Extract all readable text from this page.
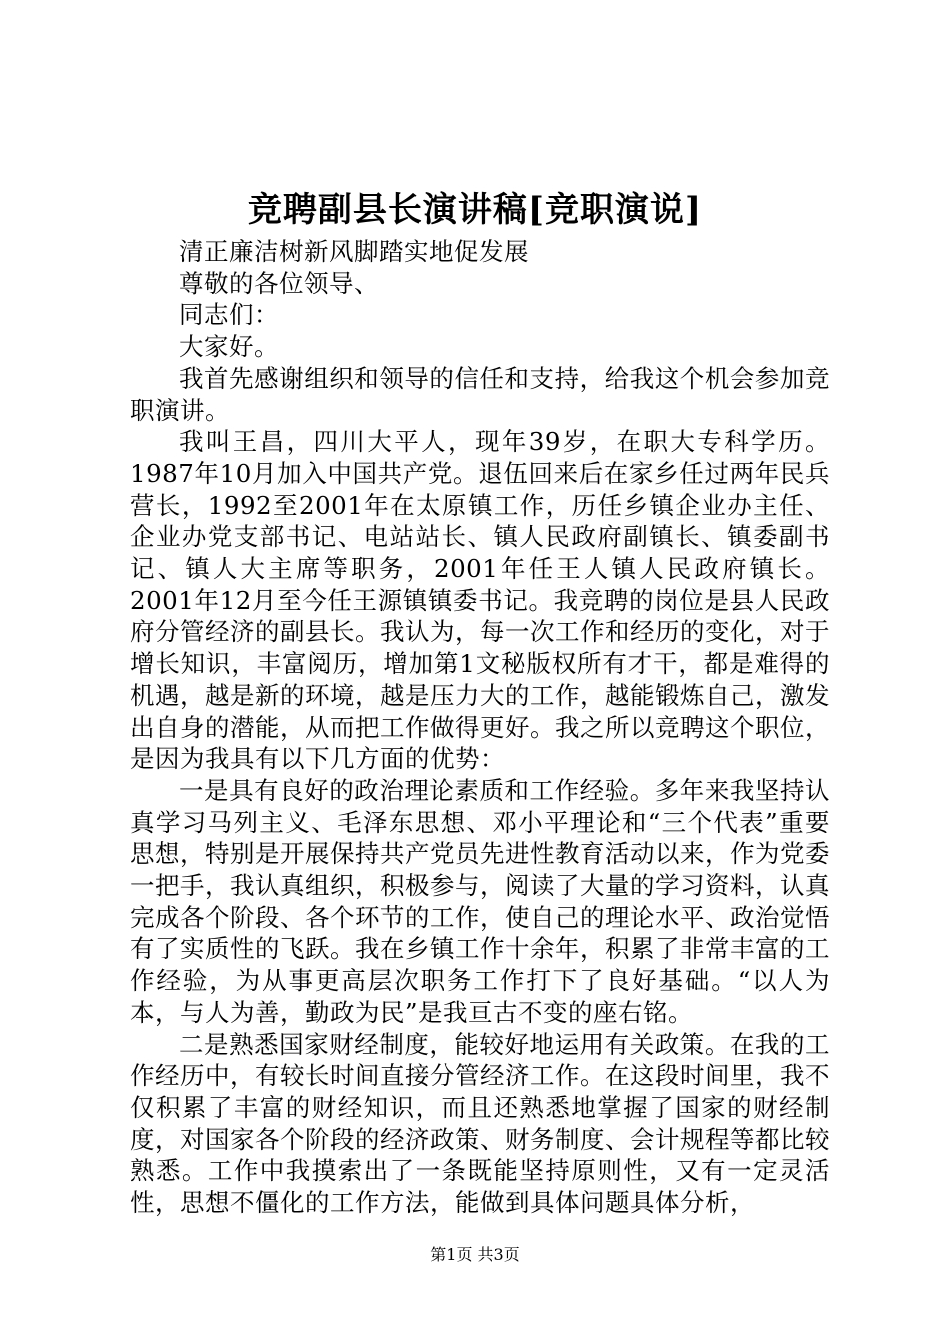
竞聘副县长演讲稿[竞职演说]

清正廉洁树新风脚踏实地促发展

尊敬的各位领导、

同志们：

大家好。

我首先感谢组织和领导的信任和支持，给我这个机会参加竞职演讲。

我叫王昌，四川大平人，现年39岁，在职大专科学历。1987年10月加入中国共产党。退伍回来后在家乡任过两年民兵营长，1992至2001年在太原镇工作，历任乡镇企业办主任、企业办党支部书记、电站站长、镇人民政府副镇长、镇委副书记、镇人大主席等职务，2001年任王人镇人民政府镇长。2001年12月至今任王源镇镇委书记。我竞聘的岗位是县人民政府分管经济的副县长。我认为，每一次工作和经历的变化，对于增长知识，丰富阅历，增加第1文秘版权所有才干，都是难得的机遇，越是新的环境，越是压力大的工作，越能锻炼自己，激发出自身的潜能，从而把工作做得更好。我之所以竞聘这个职位，是因为我具有以下几方面的优势：

一是具有良好的政治理论素质和工作经验。多年来我坚持认真学习马列主义、毛泽东思想、邓小平理论和“三个代表”重要思想，特别是开展保持共产党员先进性教育活动以来，作为党委一把手，我认真组织，积极参与，阅读了大量的学习资料，认真完成各个阶段、各个环节的工作，使自己的理论水平、政治觉悟有了实质性的飞跃。我在乡镇工作十余年，积累了非常丰富的工作经验，为从事更高层次职务工作打下了良好基础。“以人为本，与人为善，勤政为民”是我亘古不变的座右铭。

二是熟悉国家财经制度，能较好地运用有关政策。在我的工作经历中，有较长时间直接分管经济工作。在这段时间里，我不仅积累了丰富的财经知识，而且还熟悉地掌握了国家的财经制度，对国家各个阶段的经济政策、财务制度、会计规程等都比较熟悉。工作中我摸索出了一条既能坚持原则性，又有一定灵活性，思想不僵化的工作方法，能做到具体问题具体分析，

第1页 共3页
